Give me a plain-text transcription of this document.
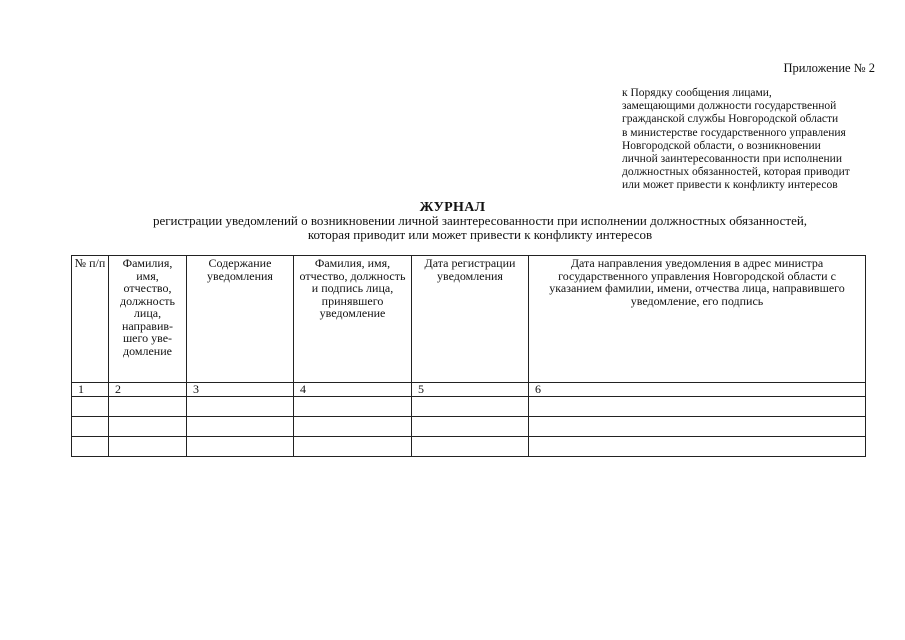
Приложение № 2
к Порядку сообщения лицами,
замещающими должности государственной
гражданской службы Новгородской области
в министерстве государственного управления
Новгородской области, о возникновении
личной заинтересованности при исполнении
должностных обязанностей, которая приводит
или может привести к конфликту интересов
ЖУРНАЛ
регистрации уведомлений о возникновении личной заинтересованности при исполнении должностных обязанностей,
которая приводит или может привести к конфликту интересов
№ п/п	Фамилия, имя, отчество, должность лица, направив-шего уве-домление	Содержание уведомления	Фамилия, имя, отчество, должность и подпись лица, принявшего уведомление	Дата регистрации уведомления	Дата направления уведомления в адрес министра государственного управления Новгородской области с указанием фамилии, имени, отчества лица, направившего уведомление, его подпись
1	2	3	4	5	6
